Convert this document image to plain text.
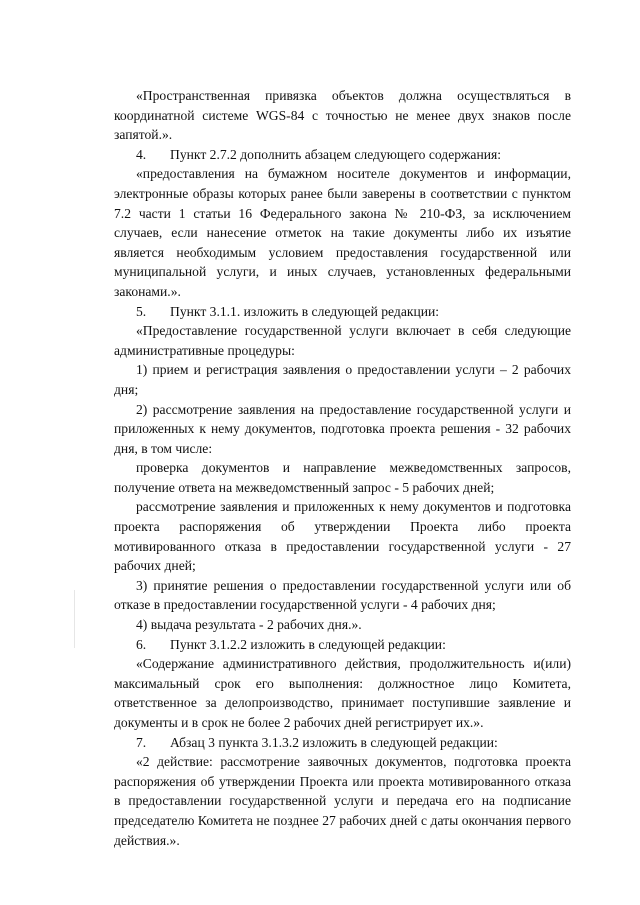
«Пространственная привязка объектов должна осуществляться в координатной системе WGS-84 с точностью не менее двух знаков после запятой.».

4. Пункт 2.7.2 дополнить абзацем следующего содержания:

«предоставления на бумажном носителе документов и информации, электронные образы которых ранее были заверены в соответствии с пунктом 7.2 части 1 статьи 16 Федерального закона № 210-ФЗ, за исключением случаев, если нанесение отметок на такие документы либо их изъятие является необходимым условием предоставления государственной или муниципальной услуги, и иных случаев, установленных федеральными законами.».

5. Пункт 3.1.1. изложить в следующей редакции:

«Предоставление государственной услуги включает в себя следующие административные процедуры:

1) прием и регистрация заявления о предоставлении услуги – 2 рабочих дня;

2) рассмотрение заявления на предоставление государственной услуги и приложенных к нему документов, подготовка проекта решения - 32 рабочих дня, в том числе:

проверка документов и направление межведомственных запросов, получение ответа на межведомственный запрос - 5 рабочих дней;

рассмотрение заявления и приложенных к нему документов и подготовка проекта распоряжения об утверждении Проекта либо проекта мотивированного отказа в предоставлении государственной услуги - 27 рабочих дней;

3) принятие решения о предоставлении государственной услуги или об отказе в предоставлении государственной услуги - 4 рабочих дня;

4) выдача результата - 2 рабочих дня.».

6. Пункт 3.1.2.2 изложить в следующей редакции:

«Содержание административного действия, продолжительность и(или) максимальный срок его выполнения: должностное лицо Комитета, ответственное за делопроизводство, принимает поступившие заявление и документы и в срок не более 2 рабочих дней регистрирует их.».

7. Абзац 3 пункта 3.1.3.2 изложить в следующей редакции:

«2 действие: рассмотрение заявочных документов, подготовка проекта распоряжения об утверждении Проекта или проекта мотивированного отказа в предоставлении государственной услуги и передача его на подписание председателю Комитета не позднее 27 рабочих дней с даты окончания первого действия.».
